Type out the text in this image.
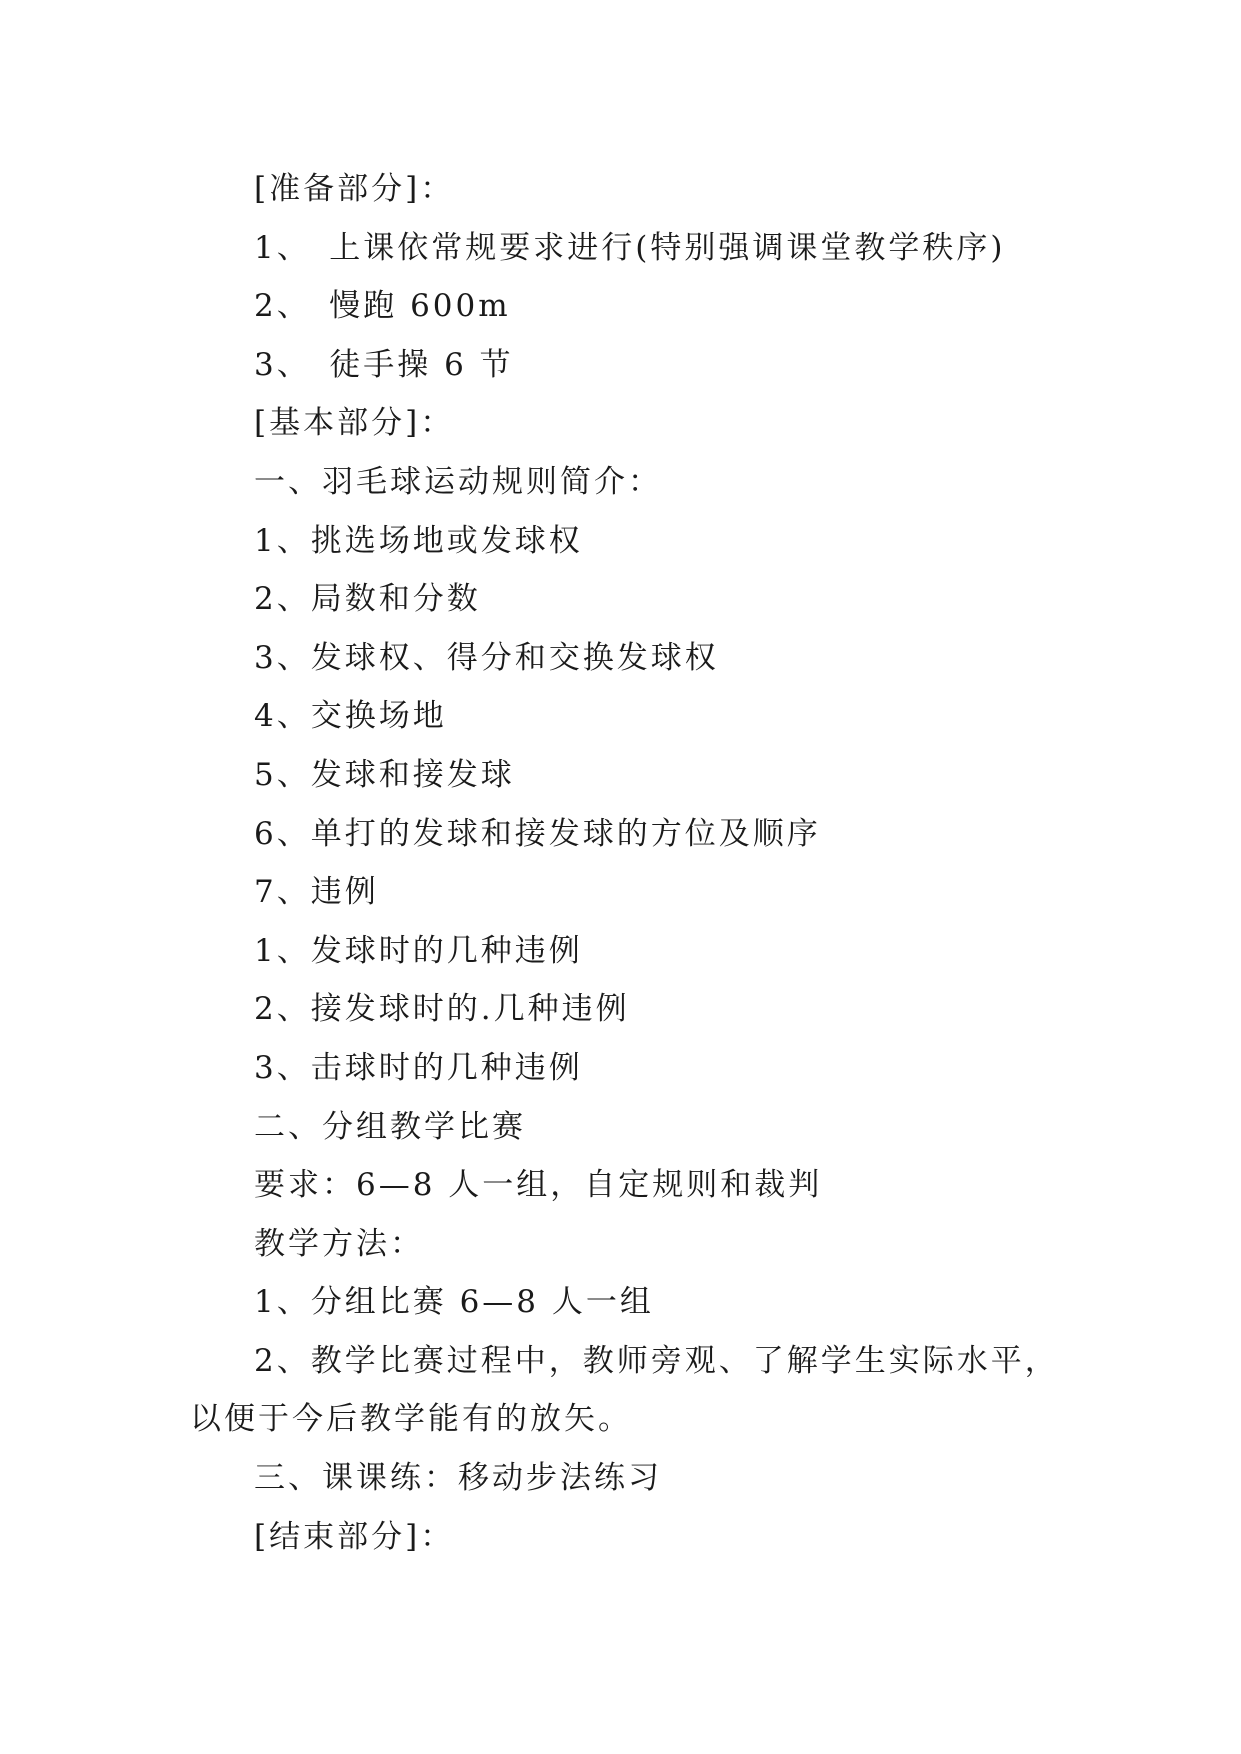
[准备部分]：
1、　上课依常规要求进行(特别强调课堂教学秩序)
2、　慢跑 600m
3、　徒手操 6 节
[基本部分]：
一、羽毛球运动规则简介：
1、挑选场地或发球权
2、局数和分数
3、发球权、得分和交换发球权
4、交换场地
5、发球和接发球
6、单打的发球和接发球的方位及顺序
7、违例
1、发球时的几种违例
2、接发球时的.几种违例
3、击球时的几种违例
二、分组教学比赛
要求：6—8 人一组，自定规则和裁判
教学方法：
1、分组比赛 6—8 人一组
2、教学比赛过程中，教师旁观、了解学生实际水平，
以便于今后教学能有的放矢。
三、课课练：移动步法练习
[结束部分]：
